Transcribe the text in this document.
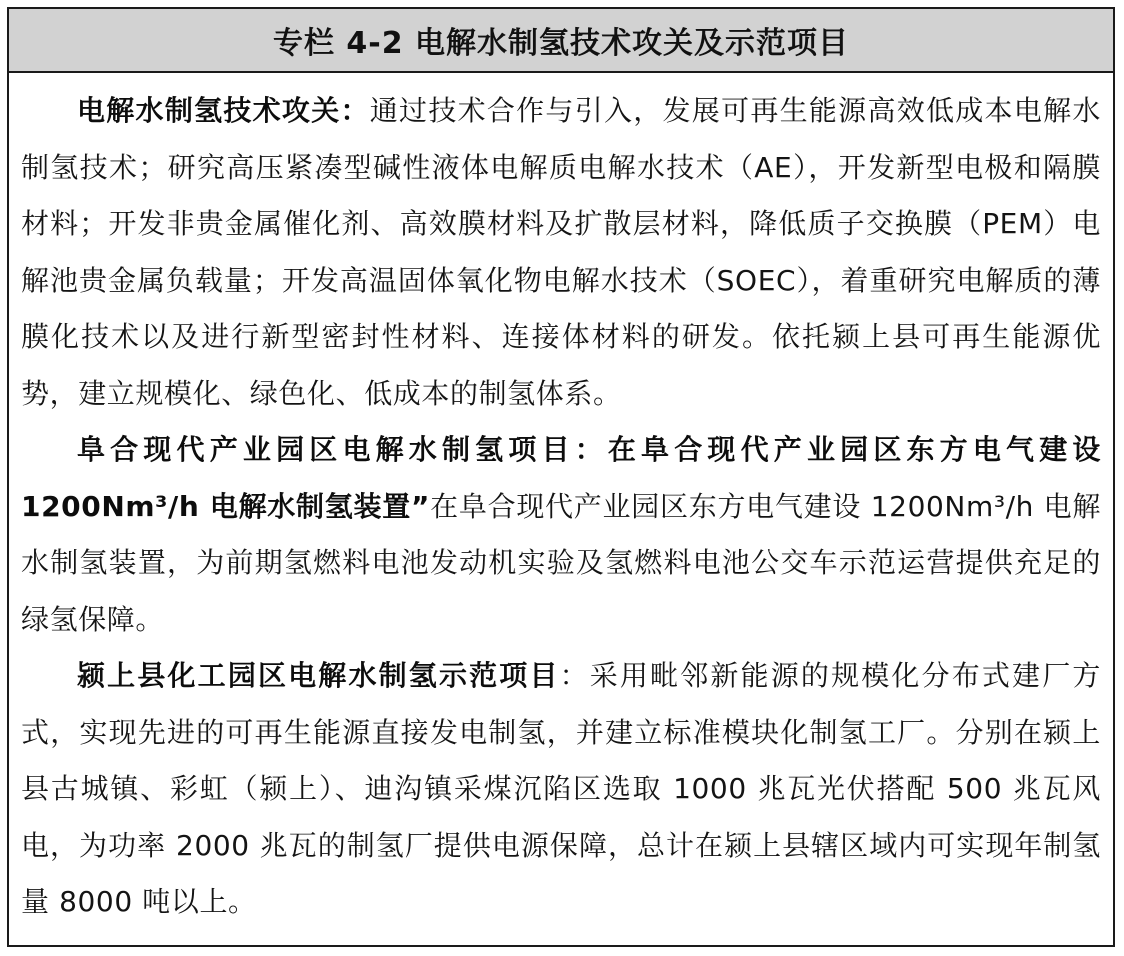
专栏 4-2 电解水制氢技术攻关及示范项目

电解水制氢技术攻关：通过技术合作与引入，发展可再生能源高效低成本电解水制氢技术；研究高压紧凑型碱性液体电解质电解水技术（AE），开发新型电极和隔膜材料；开发非贵金属催化剂、高效膜材料及扩散层材料，降低质子交换膜（PEM）电解池贵金属负载量；开发高温固体氧化物电解水技术（SOEC），着重研究电解质的薄膜化技术以及进行新型密封性材料、连接体材料的研发。依托颍上县可再生能源优势，建立规模化、绿色化、低成本的制氢体系。

阜合现代产业园区电解水制氢项目：在阜合现代产业园区东方电气建设 1200Nm³/h 电解水制氢装置”在阜合现代产业园区东方电气建设 1200Nm³/h 电解水制氢装置，为前期氢燃料电池发动机实验及氢燃料电池公交车示范运营提供充足的绿氢保障。

颍上县化工园区电解水制氢示范项目：采用毗邻新能源的规模化分布式建厂方式，实现先进的可再生能源直接发电制氢，并建立标准模块化制氢工厂。分别在颍上县古城镇、彩虹（颍上）、迪沟镇采煤沉陷区选取 1000 兆瓦光伏搭配 500 兆瓦风电，为功率 2000 兆瓦的制氢厂提供电源保障，总计在颍上县辖区域内可实现年制氢量 8000 吨以上。
